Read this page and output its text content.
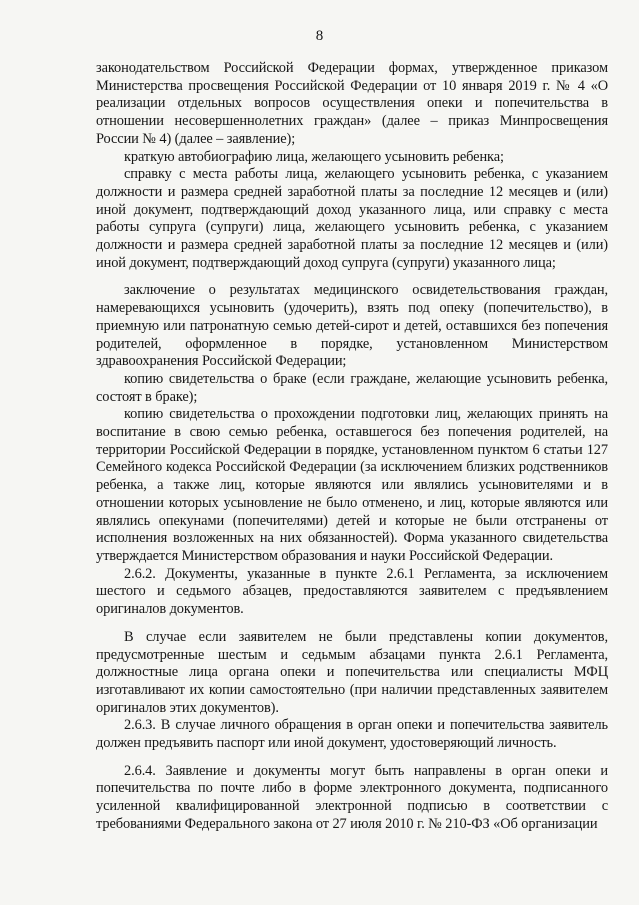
8

законодательством Российской Федерации формах, утвержденное приказом Министерства просвещения Российской Федерации от 10 января 2019 г. № 4 «О реализации отдельных вопросов осуществления опеки и попечительства в отношении несовершеннолетних граждан» (далее – приказ Минпросвещения России № 4) (далее – заявление);

краткую автобиографию лица, желающего усыновить ребенка;

справку с места работы лица, желающего усыновить ребенка, с указанием должности и размера средней заработной платы за последние 12 месяцев и (или) иной документ, подтверждающий доход указанного лица, или справку с места работы супруга (супруги) лица, желающего усыновить ребенка, с указанием должности и размера средней заработной платы за последние 12 месяцев и (или) иной документ, подтверждающий доход супруга (супруги) указанного лица;

заключение о результатах медицинского освидетельствования граждан, намеревающихся усыновить (удочерить), взять под опеку (попечительство), в приемную или патронатную семью детей-сирот и детей, оставшихся без попечения родителей, оформленное в порядке, установленном Министерством здравоохранения Российской Федерации;

копию свидетельства о браке (если граждане, желающие усыновить ребенка, состоят в браке);

копию свидетельства о прохождении подготовки лиц, желающих принять на воспитание в свою семью ребенка, оставшегося без попечения родителей, на территории Российской Федерации в порядке, установленном пунктом 6 статьи 127 Семейного кодекса Российской Федерации (за исключением близких родственников ребенка, а также лиц, которые являются или являлись усыновителями и в отношении которых усыновление не было отменено, и лиц, которые являются или являлись опекунами (попечителями) детей и которые не были отстранены от исполнения возложенных на них обязанностей). Форма указанного свидетельства утверждается Министерством образования и науки Российской Федерации.

2.6.2. Документы, указанные в пункте 2.6.1 Регламента, за исключением шестого и седьмого абзацев, предоставляются заявителем с предъявлением оригиналов документов.

В случае если заявителем не были представлены копии документов, предусмотренные шестым и седьмым абзацами пункта 2.6.1 Регламента, должностные лица органа опеки и попечительства или специалисты МФЦ изготавливают их копии самостоятельно (при наличии представленных заявителем оригиналов этих документов).

2.6.3. В случае личного обращения в орган опеки и попечительства заявитель должен предъявить паспорт или иной документ, удостоверяющий личность.

2.6.4. Заявление и документы могут быть направлены в орган опеки и попечительства по почте либо в форме электронного документа, подписанного усиленной квалифицированной электронной подписью в соответствии с требованиями Федерального закона от 27 июля 2010 г. № 210-ФЗ «Об организации
